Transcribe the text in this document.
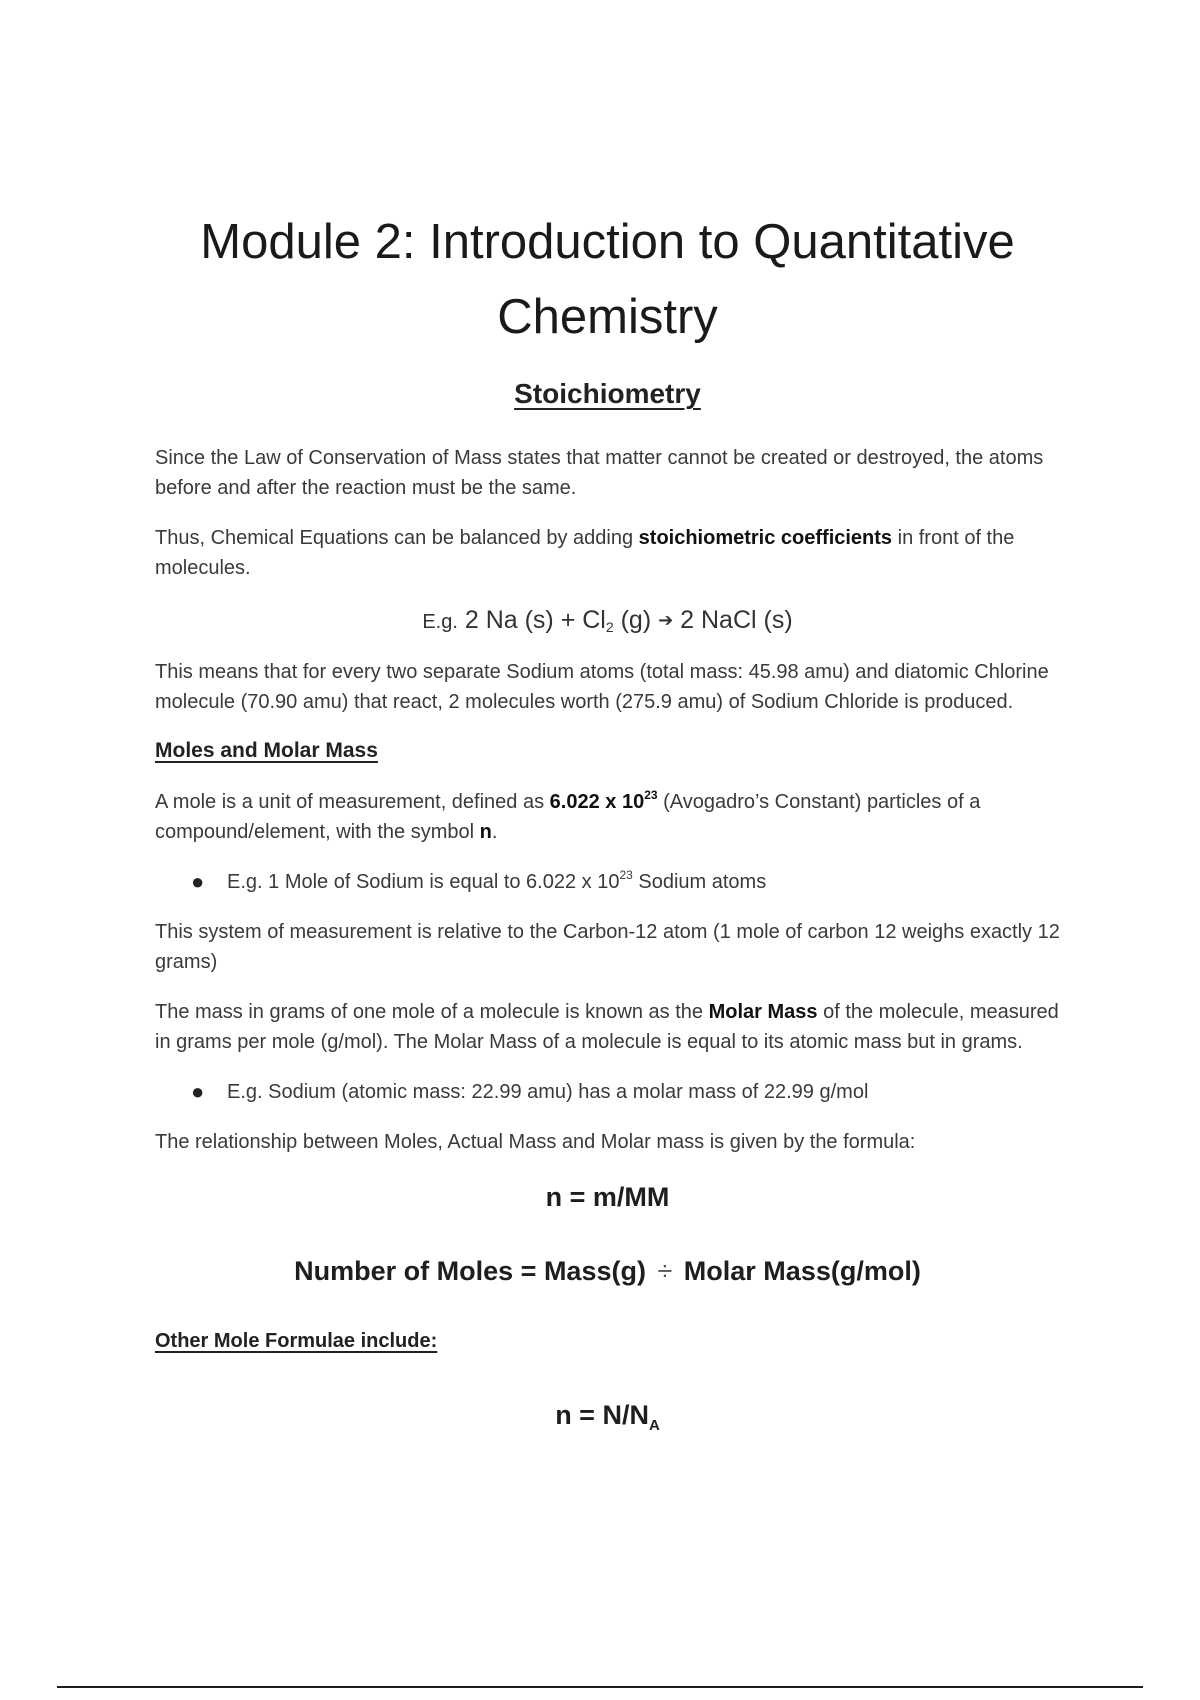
Module 2: Introduction to Quantitative
Chemistry
Stoichiometry

Since the Law of Conservation of Mass states that matter cannot be created or destroyed, the atoms before and after the reaction must be the same.

Thus, Chemical Equations can be balanced by adding stoichiometric coefficients in front of the molecules.

E.g. 2 Na $(s) + Cl_2$ (g) ➔ 2 NaCl (s)

This means that for every two separate Sodium atoms (total mass: 45.98 amu) and diatomic Chlorine molecule (70.90 amu) that react, 2 molecules worth (275.9 amu) of Sodium Chloride is produced.

Moles and Molar Mass

A mole is a unit of measurement, defined as 6.022 x $10^{23}$ (Avogadro’s Constant) particles of a compound/element, with the symbol n.

● E.g. 1 Mole of Sodium is equal to 6.022 x $10^{23}$ Sodium atoms

This system of measurement is relative to the Carbon-12 atom (1 mole of carbon 12 weighs exactly 12 grams)

The mass in grams of one mole of a molecule is known as the Molar Mass of the molecule, measured in grams per mole (g/mol). The Molar Mass of a molecule is equal to its atomic mass but in grams.

● E.g. Sodium (atomic mass: 22.99 amu) has a molar mass of 22.99 g/mol

The relationship between Moles, Actual Mass and Molar mass is given by the formula:

n = m/MM
Number of Moles = Mass(g) ÷ Molar Mass(g/mol)
Other Mole Formulae include:
$n = N/N_A$
